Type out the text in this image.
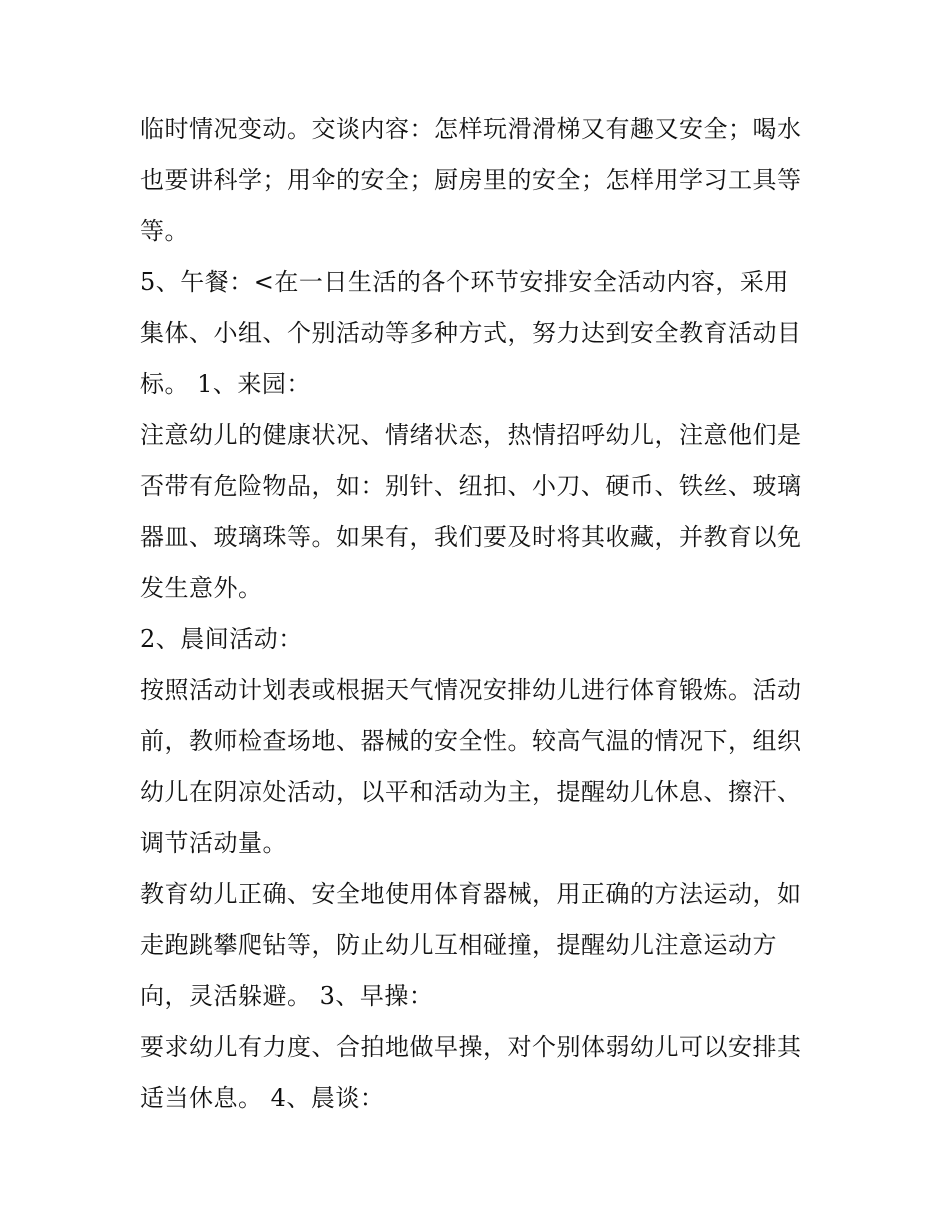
临时情况变动。交谈内容：怎样玩滑滑梯又有趣又安全；喝水
也要讲科学；用伞的安全；厨房里的安全；怎样用学习工具等
等。
5、午餐：<在一日生活的各个环节安排安全活动内容，采用
集体、小组、个别活动等多种方式，努力达到安全教育活动目
标。 1、来园：
注意幼儿的健康状况、情绪状态，热情招呼幼儿，注意他们是
否带有危险物品，如：别针、纽扣、小刀、硬币、铁丝、玻璃
器皿、玻璃珠等。如果有，我们要及时将其收藏，并教育以免
发生意外。
2、晨间活动：
按照活动计划表或根据天气情况安排幼儿进行体育锻炼。活动
前，教师检查场地、器械的安全性。较高气温的情况下，组织
幼儿在阴凉处活动，以平和活动为主，提醒幼儿休息、擦汗、
调节活动量。
教育幼儿正确、安全地使用体育器械，用正确的方法运动，如
走跑跳攀爬钻等，防止幼儿互相碰撞，提醒幼儿注意运动方
向，灵活躲避。 3、早操：
要求幼儿有力度、合拍地做早操，对个别体弱幼儿可以安排其
适当休息。 4、晨谈：
